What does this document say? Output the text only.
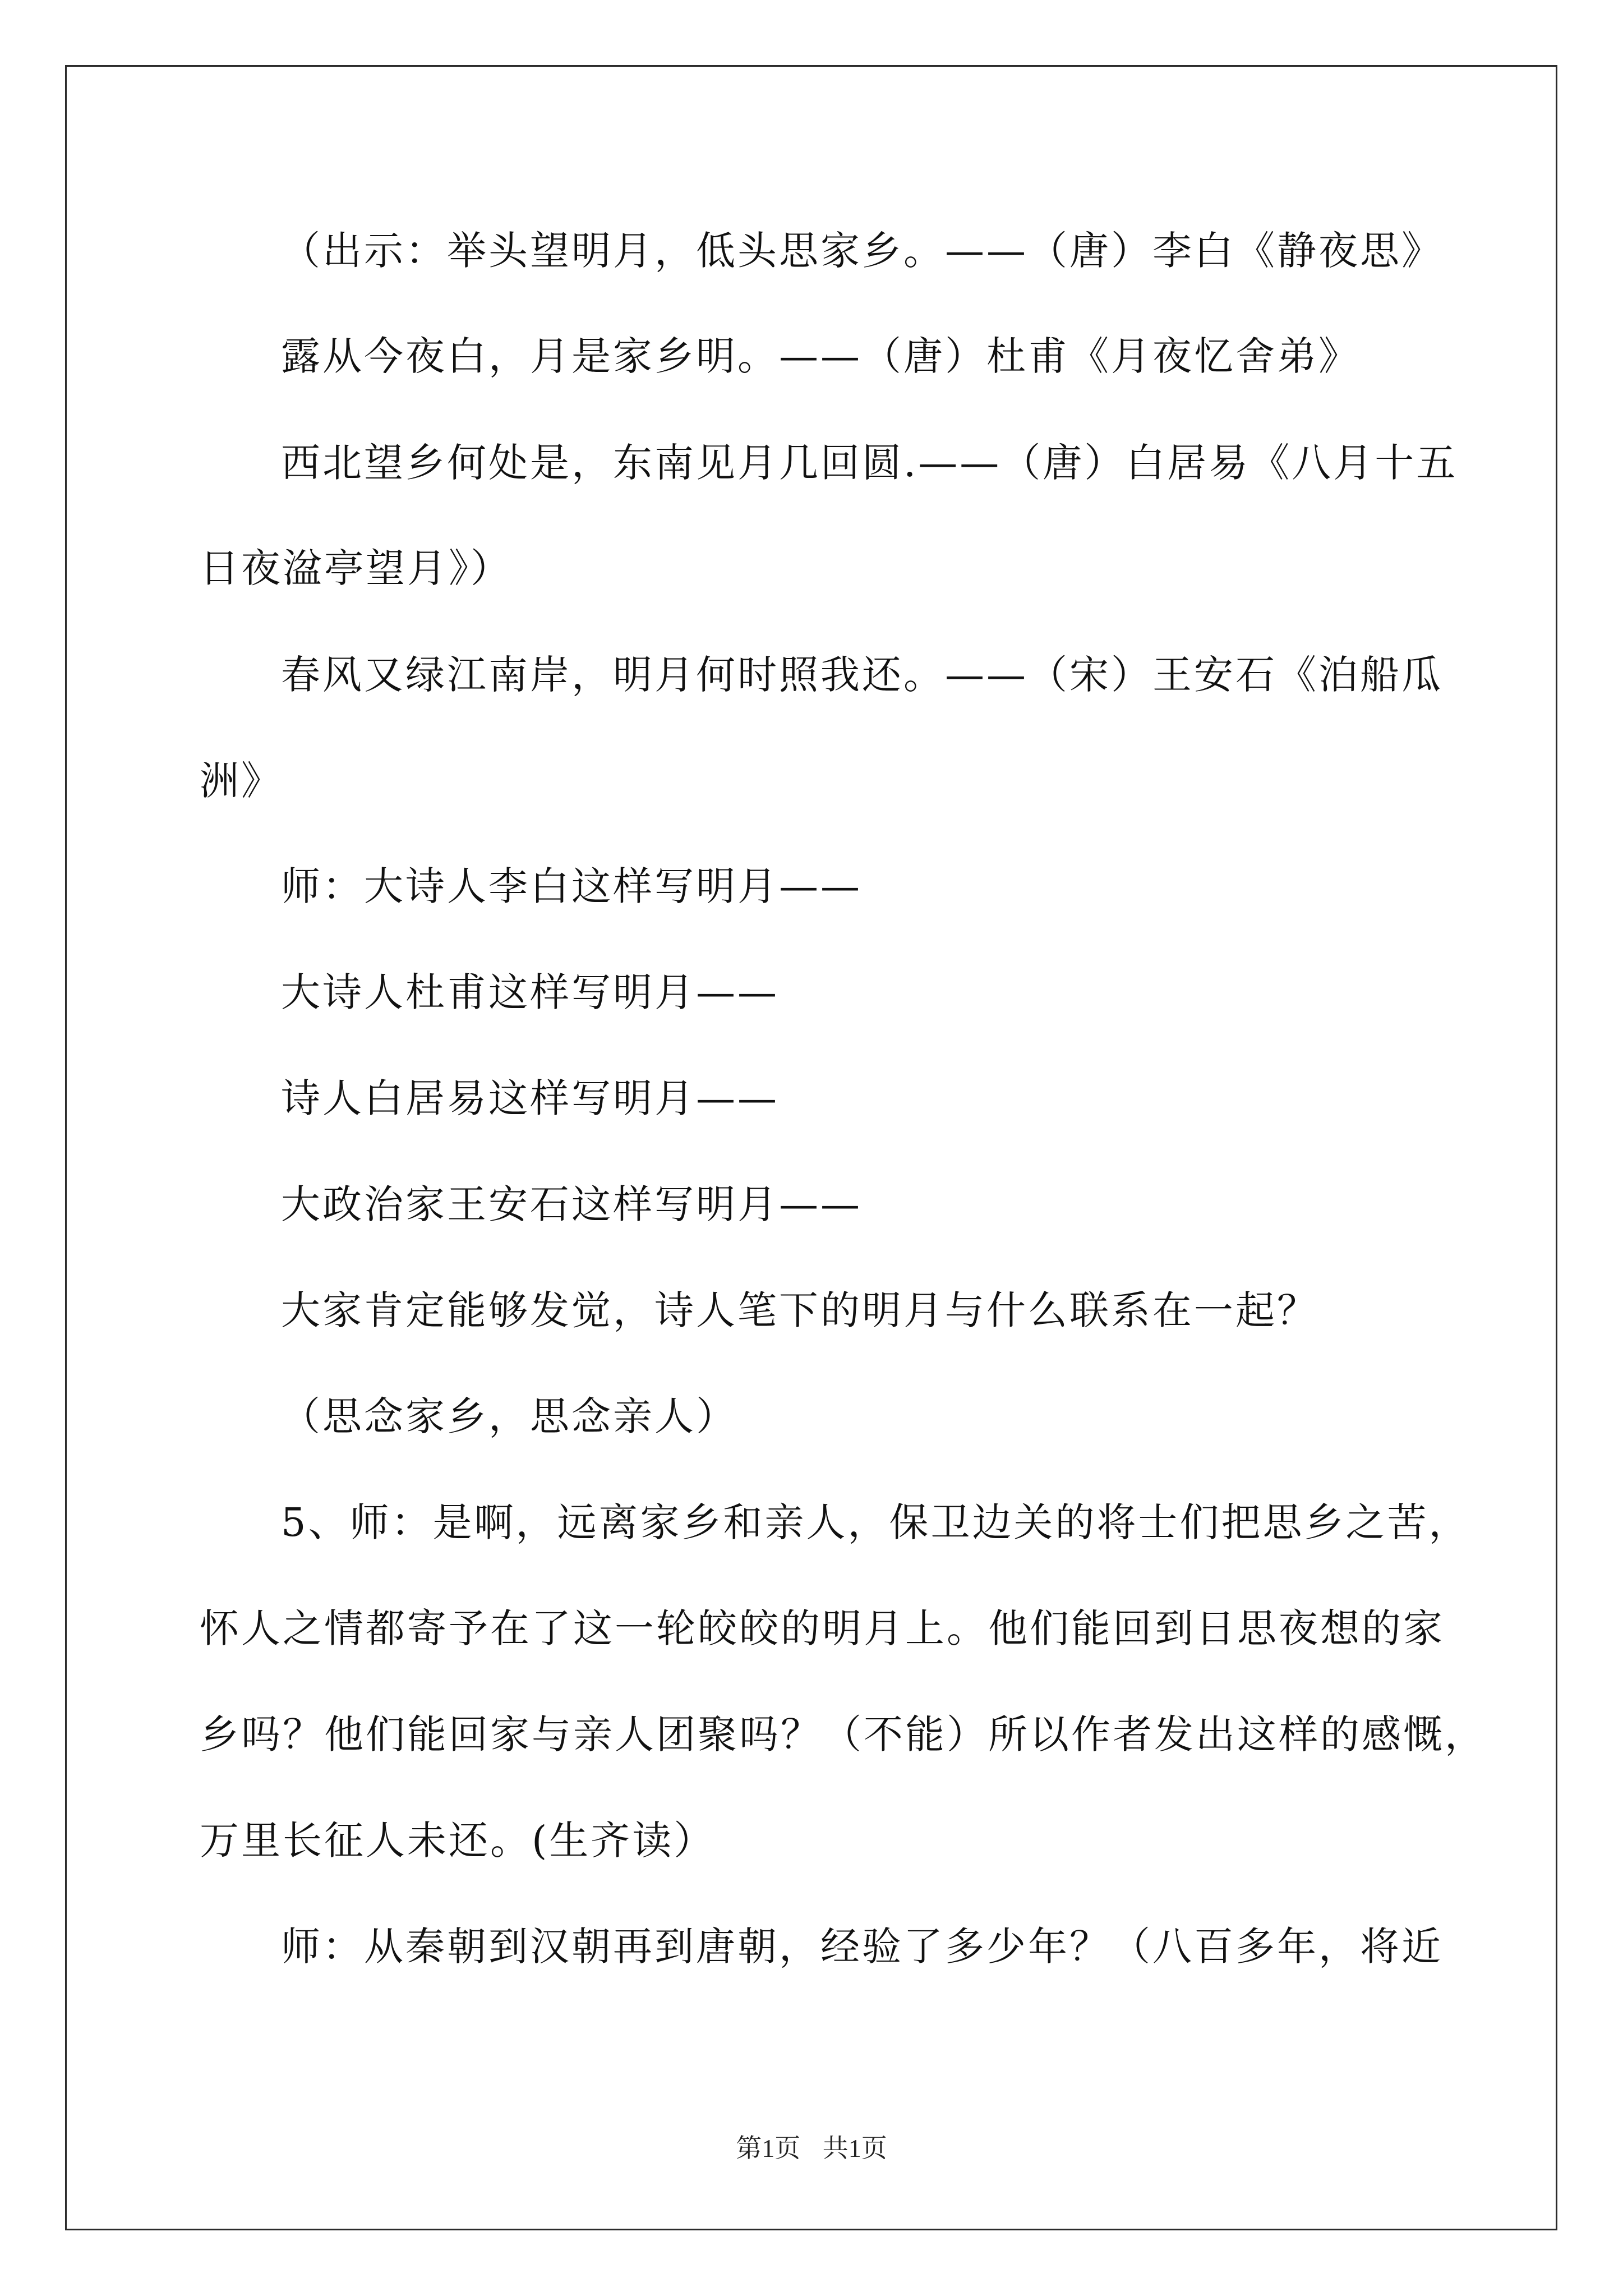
（出示：举头望明月，低头思家乡。——（唐）李白《静夜思》
露从今夜白，月是家乡明。——（唐）杜甫《月夜忆舍弟》
西北望乡何处是，东南见月几回圆.——（唐）白居易《八月十五
日夜湓亭望月》）
春风又绿江南岸，明月何时照我还。——（宋）王安石《泊船瓜
洲》
师：大诗人李白这样写明月——
大诗人杜甫这样写明月——
诗人白居易这样写明月——
大政治家王安石这样写明月——
大家肯定能够发觉，诗人笔下的明月与什么联系在一起？
（思念家乡，思念亲人）
5、师：是啊，远离家乡和亲人，保卫边关的将士们把思乡之苦，
怀人之情都寄予在了这一轮皎皎的明月上。他们能回到日思夜想的家
乡吗？他们能回家与亲人团聚吗？（不能）所以作者发出这样的感慨，
万里长征人未还。(生齐读）
师：从秦朝到汉朝再到唐朝，经验了多少年？（八百多年，将近
第1页 共1页
